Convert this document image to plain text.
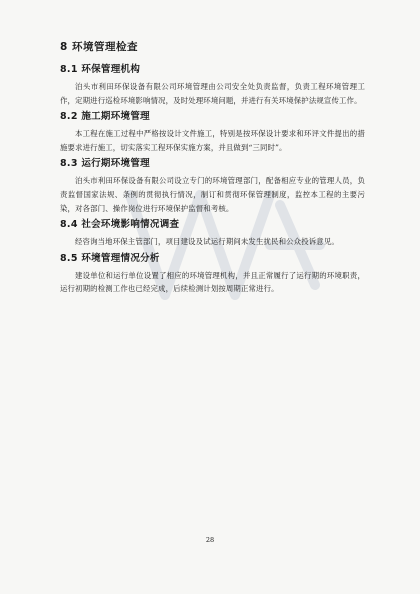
8 环境管理检查
8.1 环保管理机构

泊头市利田环保设备有限公司环境管理由公司安全处负责监督，负责工程环境管理工作，定期进行巡检环境影响情况，及时处理环境问题，并进行有关环境保护法规宣传工作。

8.2 施工期环境管理

本工程在施工过程中严格按设计文件施工，特别是按环保设计要求和环评文件提出的措施要求进行施工，切实落实工程环保实施方案，并且做到“三同时”。

8.3 运行期环境管理

泊头市利田环保设备有限公司设立专门的环境管理部门，配备相应专业的管理人员，负责监督国家法规、条例的贯彻执行情况，制订和贯彻环保管理制度，监控本工程的主要污染，对各部门、操作岗位进行环境保护监督和考核。

8.4 社会环境影响情况调查

经咨询当地环保主管部门，项目建设及试运行期间未发生扰民和公众投诉意见。

8.5 环境管理情况分析

建设单位和运行单位设置了相应的环境管理机构，并且正常履行了运行期的环境职责，运行初期的检测工作也已经完成，后续检测计划按周期正常进行。

28
